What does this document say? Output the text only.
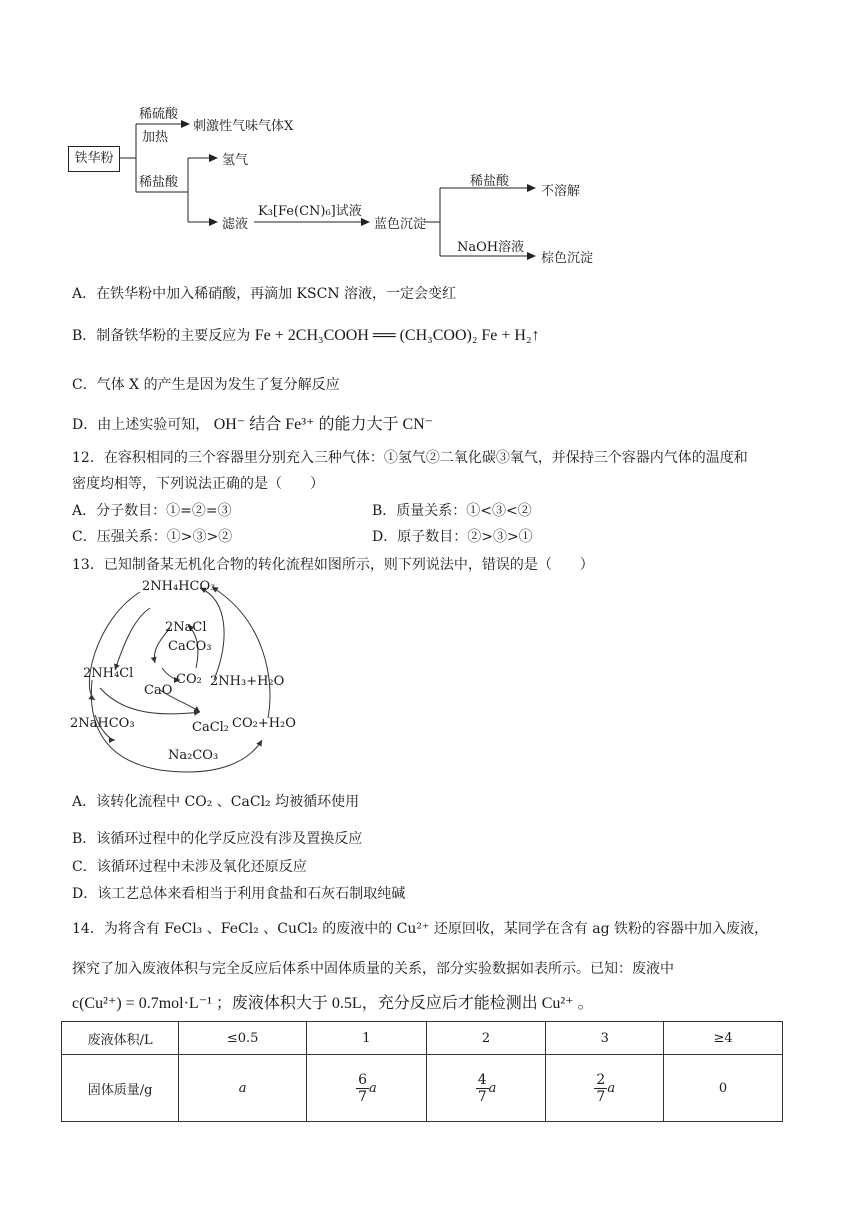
铁华粉
稀硫酸
加热
刺激性气味气体X
稀盐酸
氢气
滤液
K₃[Fe(CN)₆]试液
蓝色沉淀
稀盐酸
不溶解
NaOH溶液
棕色沉淀
A．在铁华粉中加入稀硝酸，再滴加 KSCN 溶液，一定会变红
B．制备铁华粉的主要反应为 Fe + 2CH₃COOH ══ (CH₃COO)₂ Fe + H₂↑
C．气体 X 的产生是因为发生了复分解反应
D．由上述实验可知， OH⁻ 结合 Fe³⁺ 的能力大于 CN⁻
12．在容积相同的三个容器里分别充入三种气体：①氢气②二氧化碳③氧气，并保持三个容器内气体的温度和
密度均相等，下列说法正确的是（　　）
A．分子数目：①=②=③	B．质量关系：①<③<②
C．压强关系：①>③>②	D．原子数目：②>③>①
13．已知制备某无机化合物的转化流程如图所示，则下列说法中，错误的是（　　）
2NH₄HCO₃
2NaCl
CaCO₃
2NH₄Cl	CO₂ 2NH₃+H₂O
CaO
2NaHCO₃	CaCl₂ CO₂+H₂O
Na₂CO₃
A．该转化流程中 CO₂ 、CaCl₂ 均被循环使用
B．该循环过程中的化学反应没有涉及置换反应
C．该循环过程中未涉及氧化还原反应
D．该工艺总体来看相当于利用食盐和石灰石制取纯碱
14．为将含有 FeCl₃ 、FeCl₂ 、CuCl₂ 的废液中的 Cu²⁺ 还原回收，某同学在含有 ag 铁粉的容器中加入废液，
探究了加入废液体积与完全反应后体系中固体质量的关系，部分实验数据如表所示。已知：废液中
c(Cu²⁺) = 0.7mol·L⁻¹ ；废液体积大于 0.5L，充分反应后才能检测出 Cu²⁺ 。
废液体积/L	≤0.5	1	2	3	≥4
固体质量/g	a	$\frac{6}{7}$ a	$\frac{4}{7}$ a	$\frac{2}{7}$ a	0
